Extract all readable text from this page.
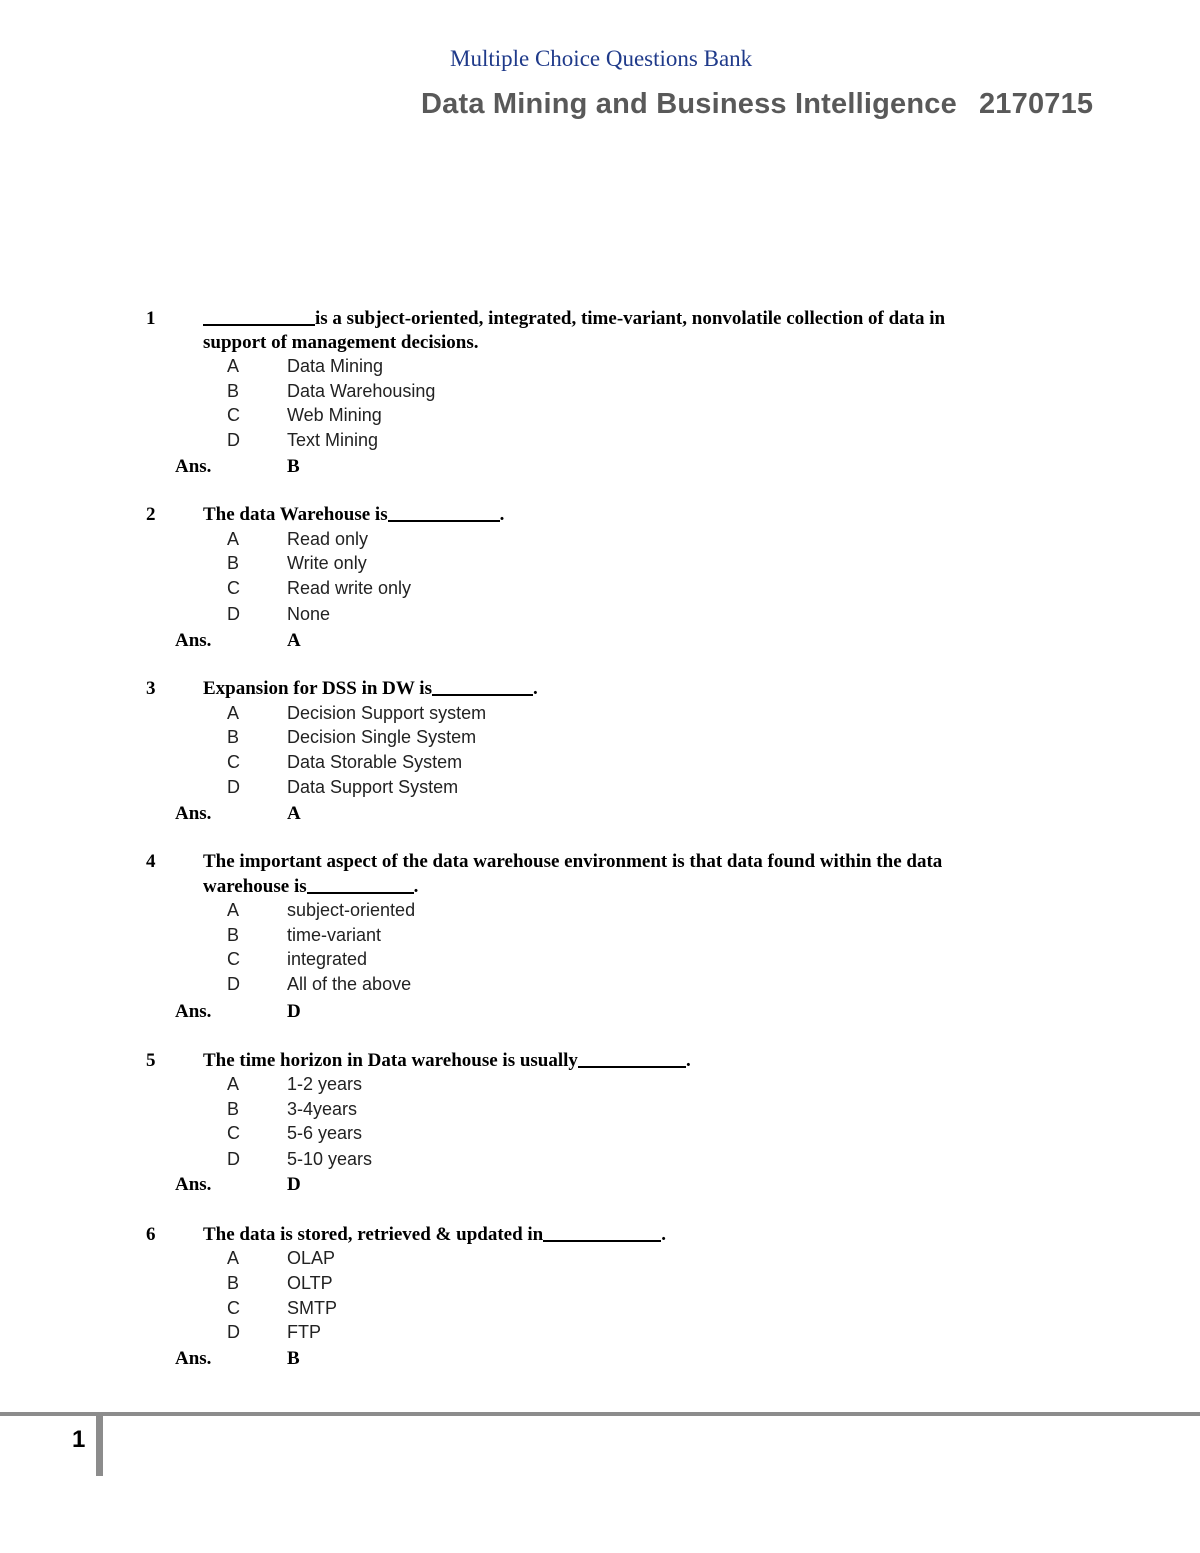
Multiple Choice Questions Bank
Data Mining and Business Intelligence 2170715
1	is a subject-oriented, integrated, time-variant, nonvolatile collection of data in
support of management decisions.
A	Data Mining
B	Data Warehousing
C	Web Mining
D	Text Mining
Ans.	B
2	The data Warehouse is	.
A	Read only
B	Write only
C	Read write only
D	None
Ans.	A
3	Expansion for DSS in DW is	.
A	Decision Support system
B	Decision Single System
C	Data Storable System
D	Data Support System
Ans.	A
4	The important aspect of the data warehouse environment is that data found within the data
warehouse is	.
A	subject-oriented
B	time-variant
C	integrated
D	All of the above
Ans.	D
5	The time horizon in Data warehouse is usually	.
A	1-2 years
B	3-4years
C	5-6 years
D	5-10 years
Ans.	D
6	The data is stored, retrieved & updated in	.
A	OLAP
B	OLTP
C	SMTP
D	FTP
Ans.	B
1
